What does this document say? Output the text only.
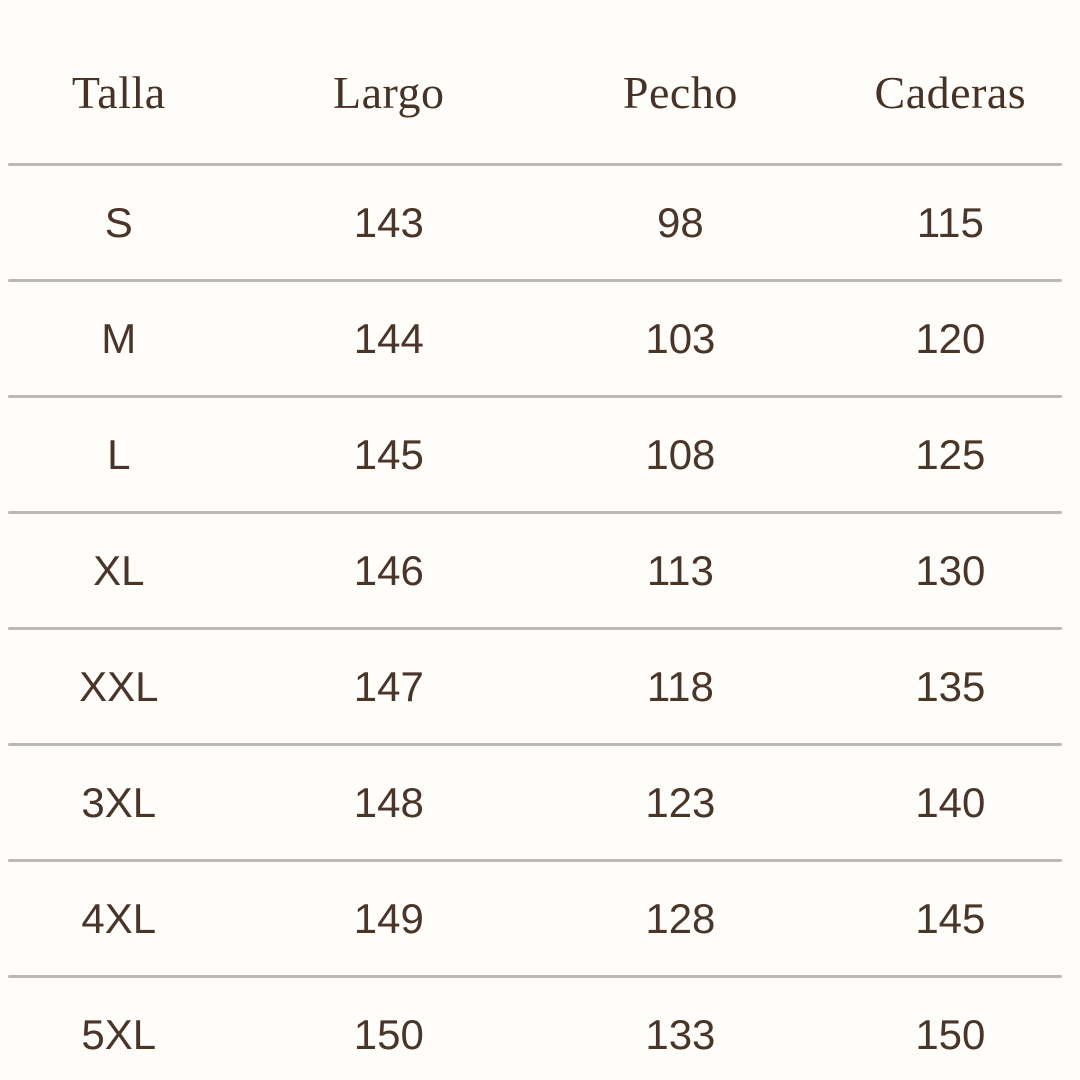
Talla	Largo	Pecho	Caderas
S	143	98	115
M	144	103	120
L	145	108	125
XL	146	113	130
XXL	147	118	135
3XL	148	123	140
4XL	149	128	145
5XL	150	133	150
